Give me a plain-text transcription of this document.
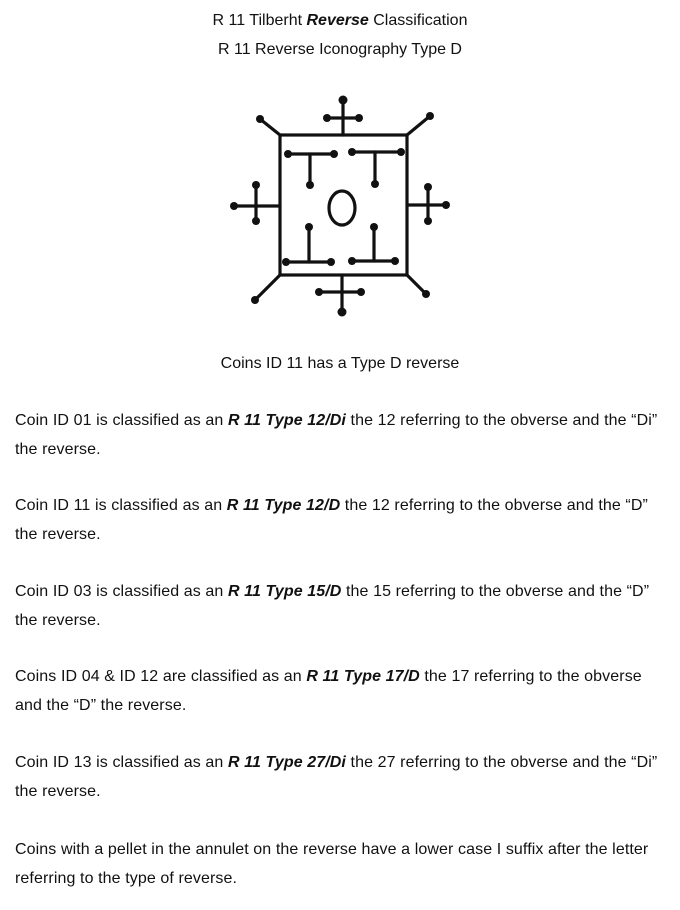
R 11 Tilberht Reverse Classification
R 11 Reverse Iconography Type D
Coins ID 11 has a Type D reverse
Coin ID 01 is classified as an R 11 Type 12/Di the 12 referring to the obverse and the “Di” the reverse.
Coin ID 11 is classified as an R 11 Type 12/D the 12 referring to the obverse and the “D” the reverse.
Coin ID 03 is classified as an R 11 Type 15/D the 15 referring to the obverse and the “D” the reverse.
Coins ID 04 & ID 12 are classified as an R 11 Type 17/D the 17 referring to the obverse and the “D” the reverse.
Coin ID 13 is classified as an R 11 Type 27/Di the 27 referring to the obverse and the “Di” the reverse.
Coins with a pellet in the annulet on the reverse have a lower case I suffix after the letter referring to the type of reverse.
